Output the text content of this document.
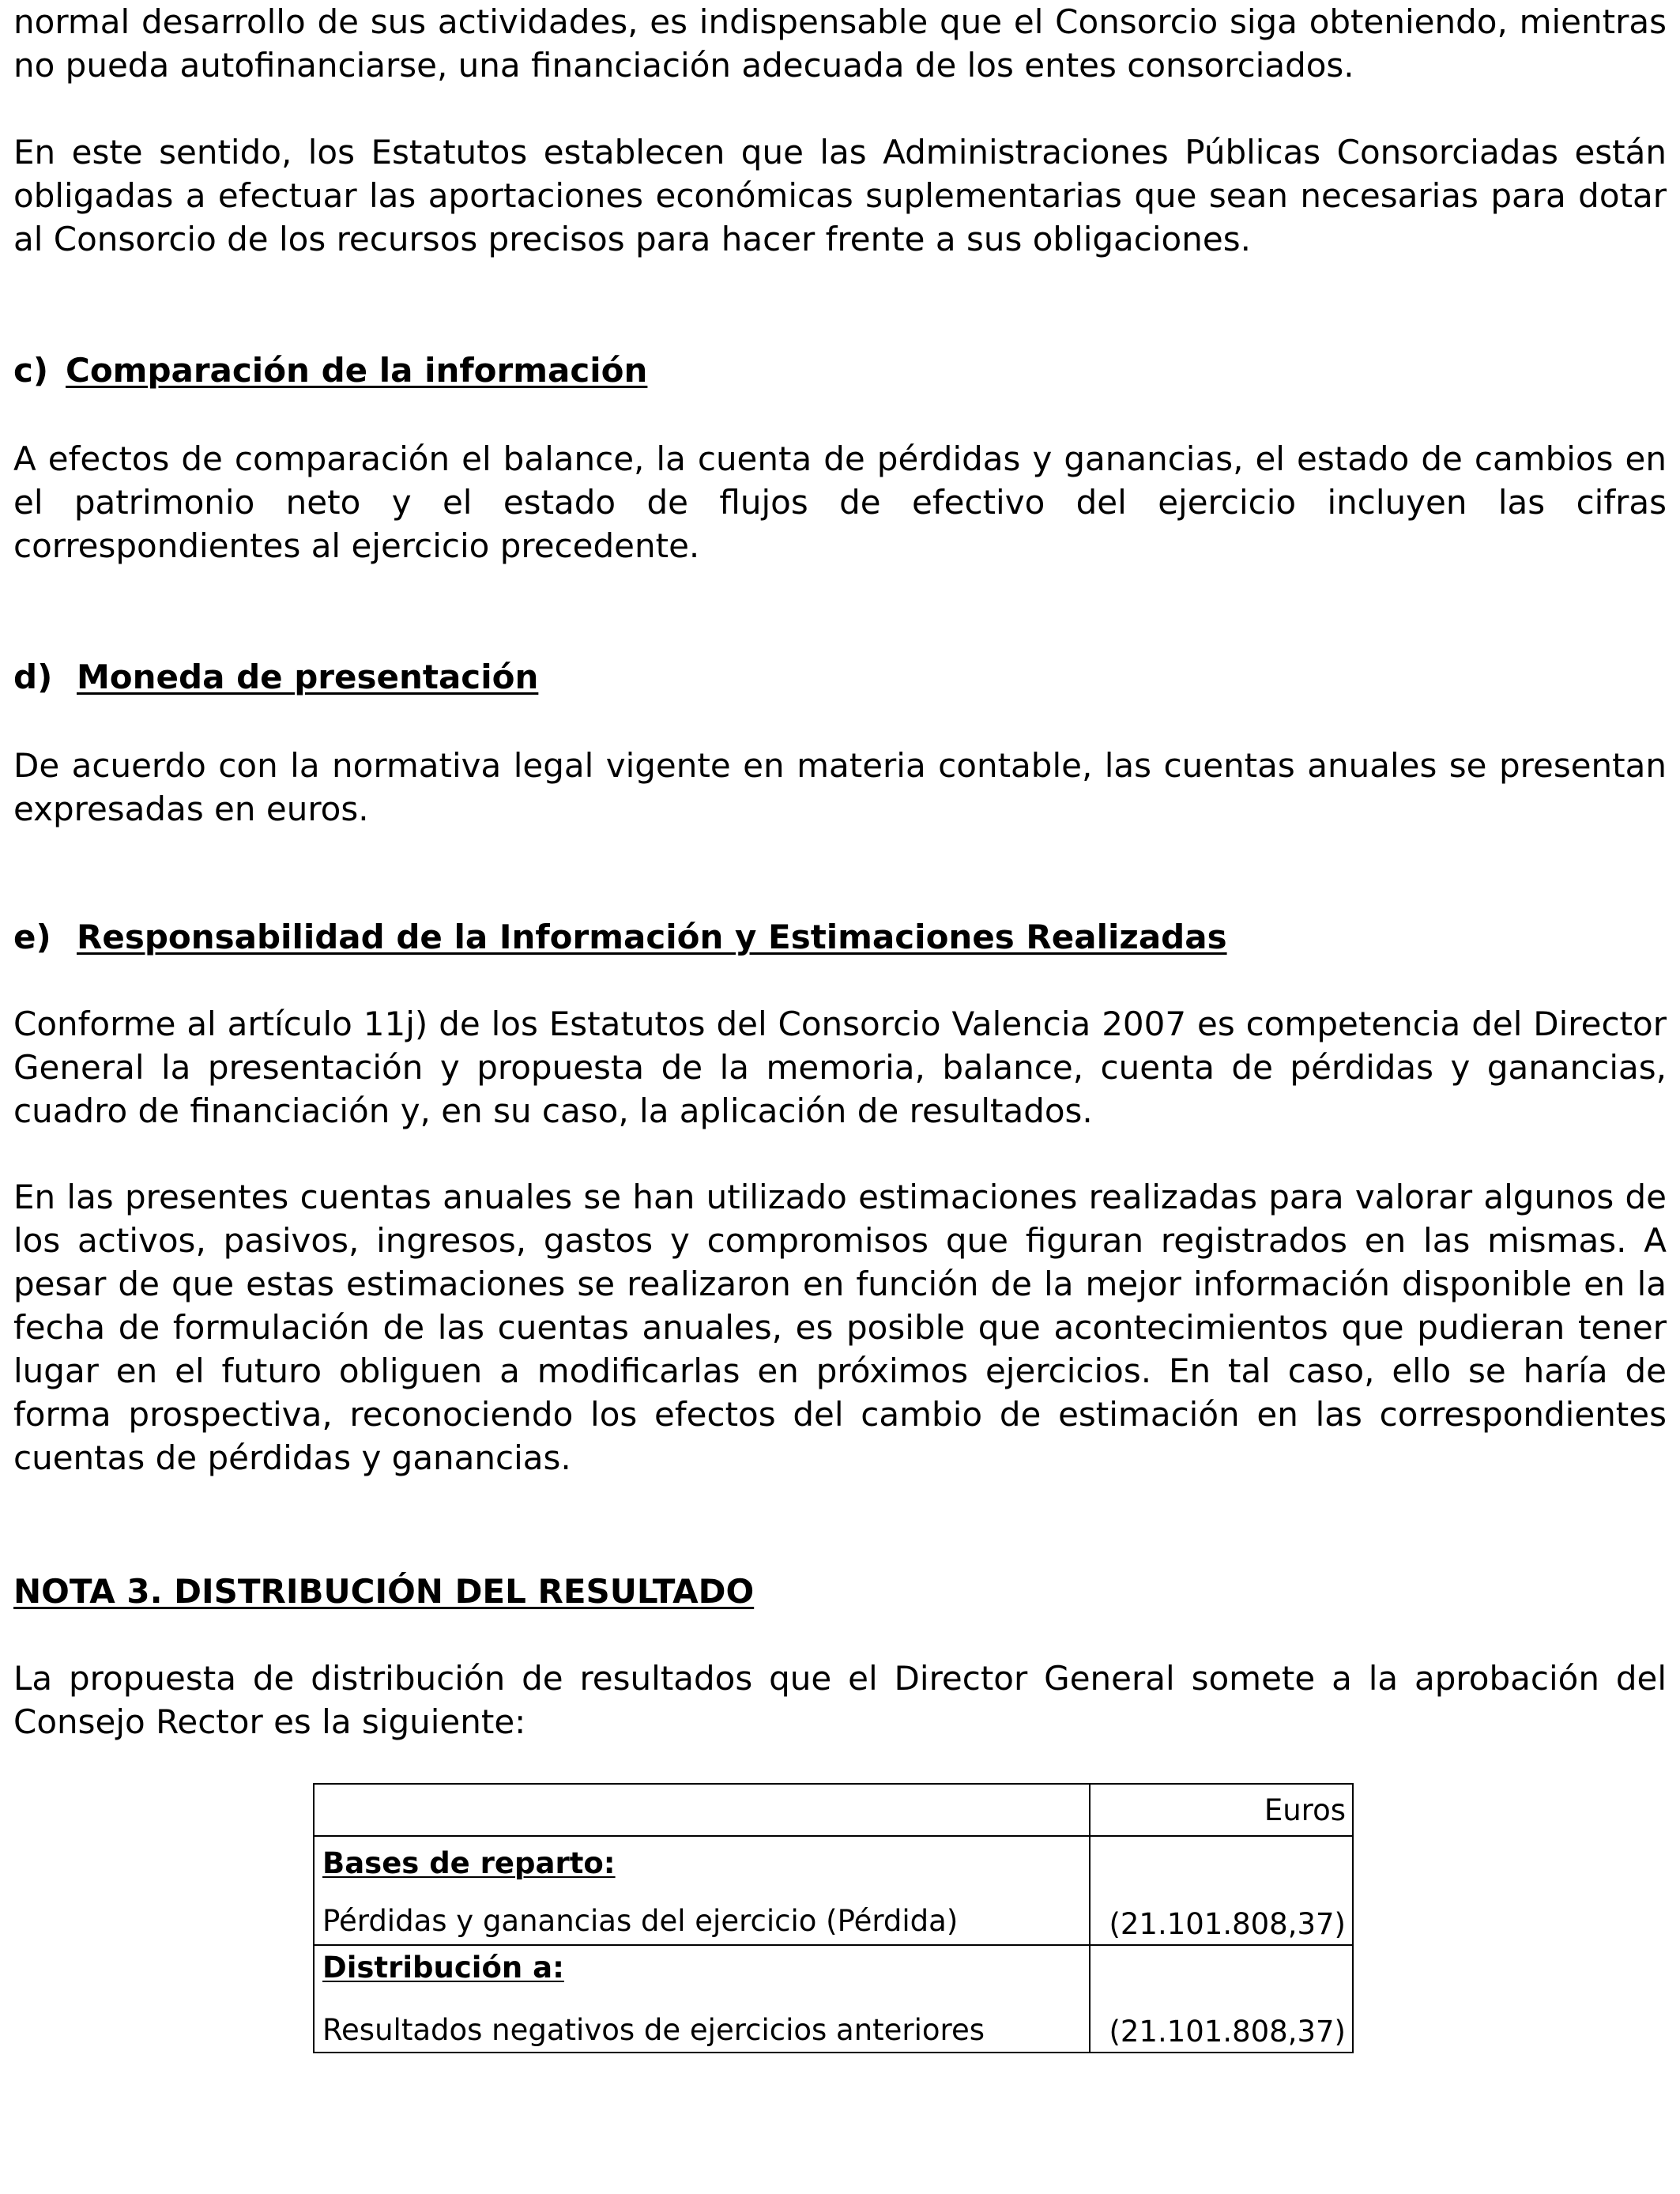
normal desarrollo de sus actividades, es indispensable que el Consorcio siga obteniendo, mientras no pueda autofinanciarse, una financiación adecuada de los entes consorciados.

En este sentido, los Estatutos establecen que las Administraciones Públicas Consorciadas están obligadas a efectuar las aportaciones económicas suplementarias que sean necesarias para dotar al Consorcio de los recursos precisos para hacer frente a sus obligaciones.

c) Comparación de la información

A efectos de comparación el balance, la cuenta de pérdidas y ganancias, el estado de cambios en el patrimonio neto y el estado de flujos de efectivo del ejercicio incluyen las cifras correspondientes al ejercicio precedente.

d) Moneda de presentación

De acuerdo con la normativa legal vigente en materia contable, las cuentas anuales se presentan expresadas en euros.

e) Responsabilidad de la Información y Estimaciones Realizadas

Conforme al artículo 11j) de los Estatutos del Consorcio Valencia 2007 es competencia del Director General la presentación y propuesta de la memoria, balance, cuenta de pérdidas y ganancias, cuadro de financiación y, en su caso, la aplicación de resultados.

En las presentes cuentas anuales se han utilizado estimaciones realizadas para valorar algunos de los activos, pasivos, ingresos, gastos y compromisos que figuran registrados en las mismas. A pesar de que estas estimaciones se realizaron en función de la mejor información disponible en la fecha de formulación de las cuentas anuales, es posible que acontecimientos que pudieran tener lugar en el futuro obliguen a modificarlas en próximos ejercicios. En tal caso, ello se haría de forma prospectiva, reconociendo los efectos del cambio de estimación en las correspondientes cuentas de pérdidas y ganancias.

NOTA 3. DISTRIBUCIÓN DEL RESULTADO

La propuesta de distribución de resultados que el Director General somete a la aprobación del Consejo Rector es la siguiente:

	Euros

Bases de reparto:
Pérdidas y ganancias del ejercicio (Pérdida)	(21.101.808,37)

Distribución a:
Resultados negativos de ejercicios anteriores	(21.101.808,37)
